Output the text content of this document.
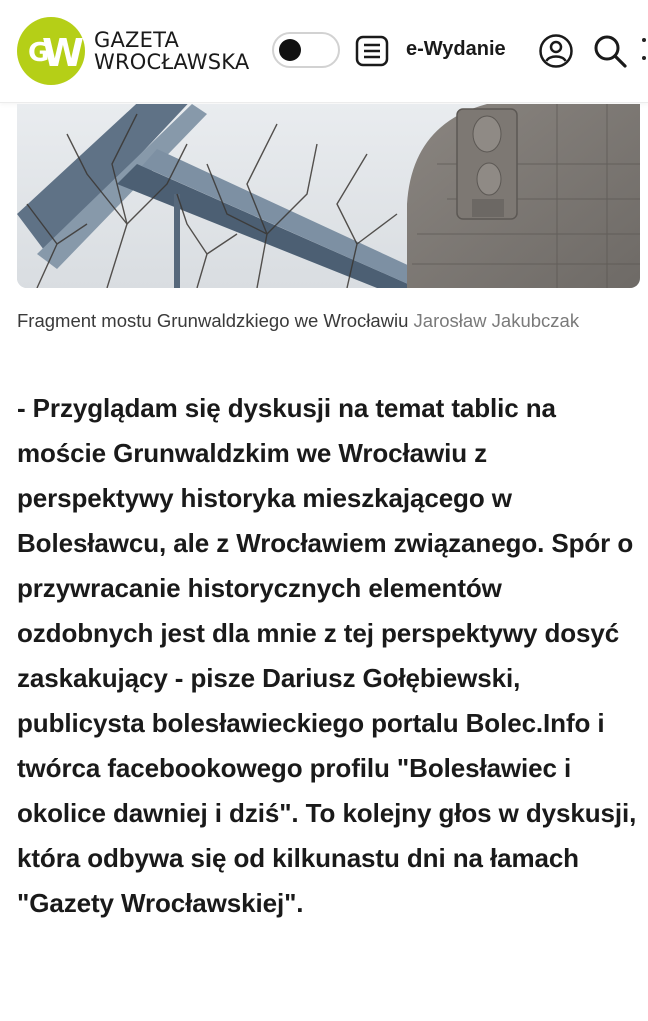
G
W GAZETA
WROCŁAWSKA
e-Wydanie
Fragment mostu Grunwaldzkiego we Wrocławiu Jarosław Jakubczak
- Przyglądam się dyskusji na temat tablic na moście Grunwaldzkim we Wrocławiu z perspektywy historyka mieszkającego w Bolesławcu, ale z Wrocławiem związanego. Spór o przywracanie historycznych elementów ozdobnych jest dla mnie z tej perspektywy dosyć zaskakujący - pisze Dariusz Gołębiewski, publicysta bolesławieckiego portalu Bolec.Info i twórca facebookowego profilu "Bolesławiec i okolice dawniej i dziś". To kolejny głos w dyskusji, która odbywa się od kilkunastu dni na łamach "Gazety Wrocławskiej".
